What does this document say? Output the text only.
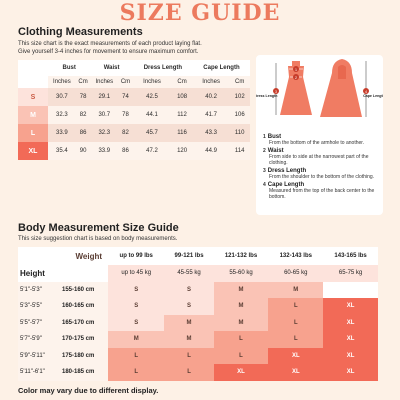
SIZE GUIDE
Clothing Measurements
This size chart is the exact measurements of each product laying flat.
Give yourself 3-4 inches for movement to ensure maximum comfort.
	Bust		Waist		Dress Length		Cape Length	
	Inches	Cm	Inches	Cm	Inches	Cm	Inches	Cm
S	30.7	78	29.1	74	42.5	108	40.2	102
M	32.3	82	30.7	78	44.1	112	41.7	106
L	33.9	86	32.3	82	45.7	116	43.3	110
XL	35.4	90	33.9	86	47.2	120	44.9	114
1
2
3
Dress Length
4
Cape Length
1 Bust
From the bottom of the armhole to another.
2 Waist
From side to side at the narrowest part of the clothing.
3 Dress Length
From the shoulder to the bottom of the clothing.
4 Cape Length
Measured from the top of the back center to the bottom.
Body Measurement Size Guide
This size suggestion chart is based on body measurements.
Weight		up to 99 lbs	99-121 lbs	121-132 lbs	132-143 lbs	143-165 lbs
Height		up to 45 kg	45-55 kg	55-60 kg	60-65 kg	65-75 kg
5'1"-5'3"	155-160 cm	S	S	M	M	
5'3"-5'5"	160-165 cm	S	S	M	L	XL
5'5"-5'7"	165-170 cm	S	M	M	L	XL
5'7"-5'9"	170-175 cm	M	M	L	L	XL
5'9"-5'11"	175-180 cm	L	L	L	XL	XL
5'11"-6'1"	180-185 cm	L	L	XL	XL	XL
Color may vary due to different display.
